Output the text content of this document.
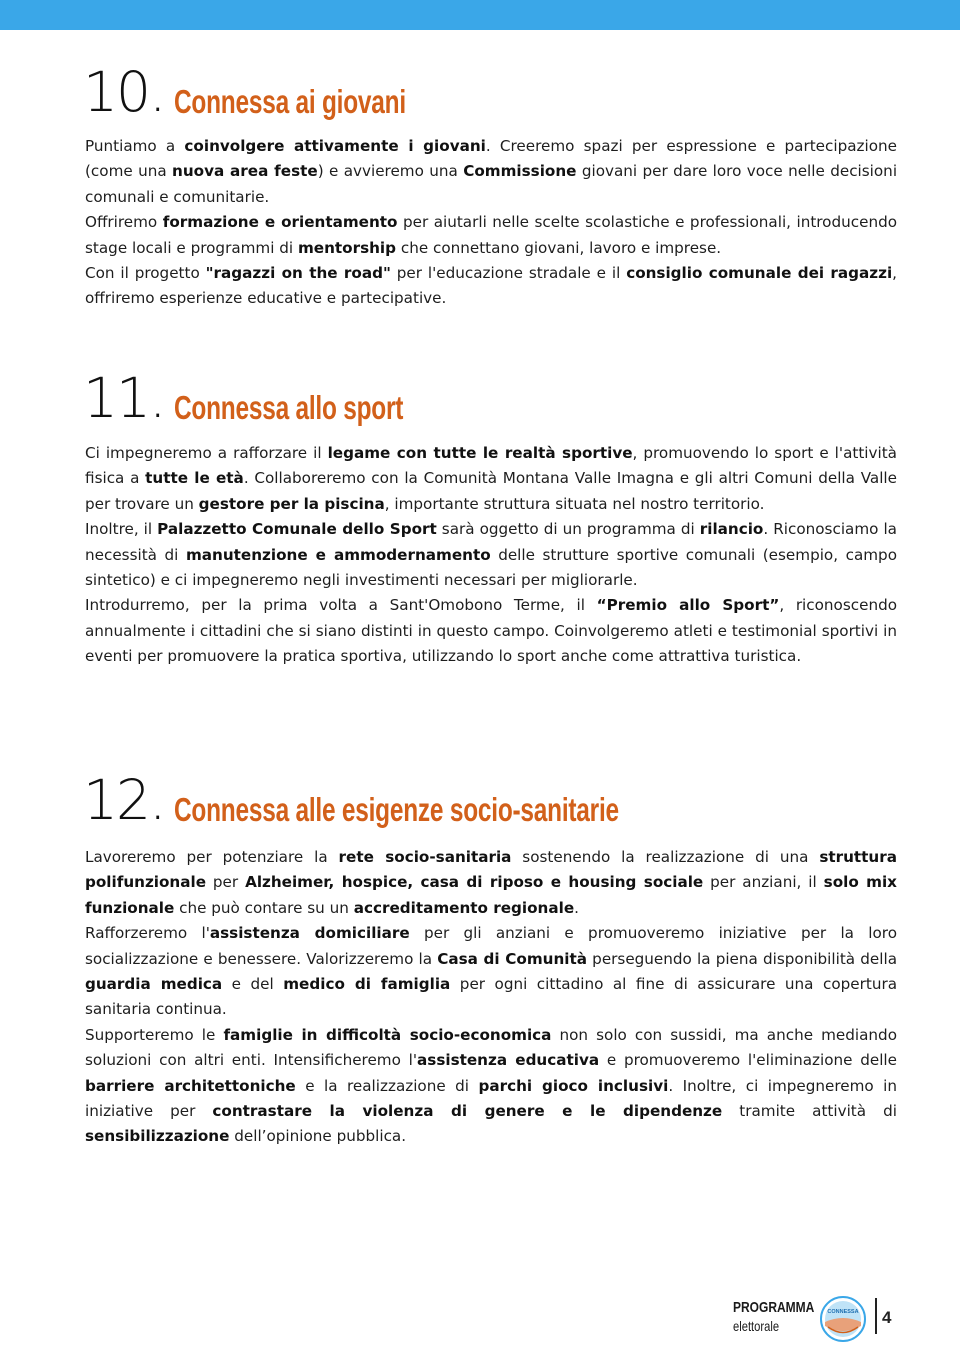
10. Connessa ai giovani

Puntiamo a coinvolgere attivamente i giovani. Creeremo spazi per espressione e partecipazione (come una nuova area feste) e avvieremo una Commissione giovani per dare loro voce nelle decisioni comunali e comunitarie.

Offriremo formazione e orientamento per aiutarli nelle scelte scolastiche e professionali, introducendo stage locali e programmi di mentorship che connettano giovani, lavoro e imprese.

Con il progetto "ragazzi on the road" per l'educazione stradale e il consiglio comunale dei ragazzi, offriremo esperienze educative e partecipative.

11. Connessa allo sport

Ci impegneremo a rafforzare il legame con tutte le realtà sportive, promuovendo lo sport e l'attività fisica a tutte le età. Collaboreremo con la Comunità Montana Valle Imagna e gli altri Comuni della Valle per trovare un gestore per la piscina, importante struttura situata nel nostro territorio.

Inoltre, il Palazzetto Comunale dello Sport sarà oggetto di un programma di rilancio. Riconosciamo la necessità di manutenzione e ammodernamento delle strutture sportive comunali (esempio, campo sintetico) e ci impegneremo negli investimenti necessari per migliorarle.

Introdurremo, per la prima volta a Sant'Omobono Terme, il “Premio allo Sport”, riconoscendo annualmente i cittadini che si siano distinti in questo campo. Coinvolgeremo atleti e testimonial sportivi in eventi per promuovere la pratica sportiva, utilizzando lo sport anche come attrattiva turistica.

12. Connessa alle esigenze socio-sanitarie

Lavoreremo per potenziare la rete socio-sanitaria sostenendo la realizzazione di una struttura polifunzionale per Alzheimer, hospice, casa di riposo e housing sociale per anziani, il solo mix funzionale che può contare su un accreditamento regionale.

Rafforzeremo l'assistenza domiciliare per gli anziani e promuoveremo iniziative per la loro socializzazione e benessere. Valorizzeremo la Casa di Comunità perseguendo la piena disponibilità della guardia medica e del medico di famiglia per ogni cittadino al fine di assicurare una copertura sanitaria continua.

Supporteremo le famiglie in difficoltà socio-economica non solo con sussidi, ma anche mediando soluzioni con altri enti. Intensificheremo l'assistenza educativa e promuoveremo l'eliminazione delle barriere architettoniche e la realizzazione di parchi gioco inclusivi. Inoltre, ci impegneremo in iniziative per contrastare la violenza di genere e le dipendenze tramite attività di sensibilizzazione dell’opinione pubblica.

PROGRAMMA
elettorale
CONNESSA 4
